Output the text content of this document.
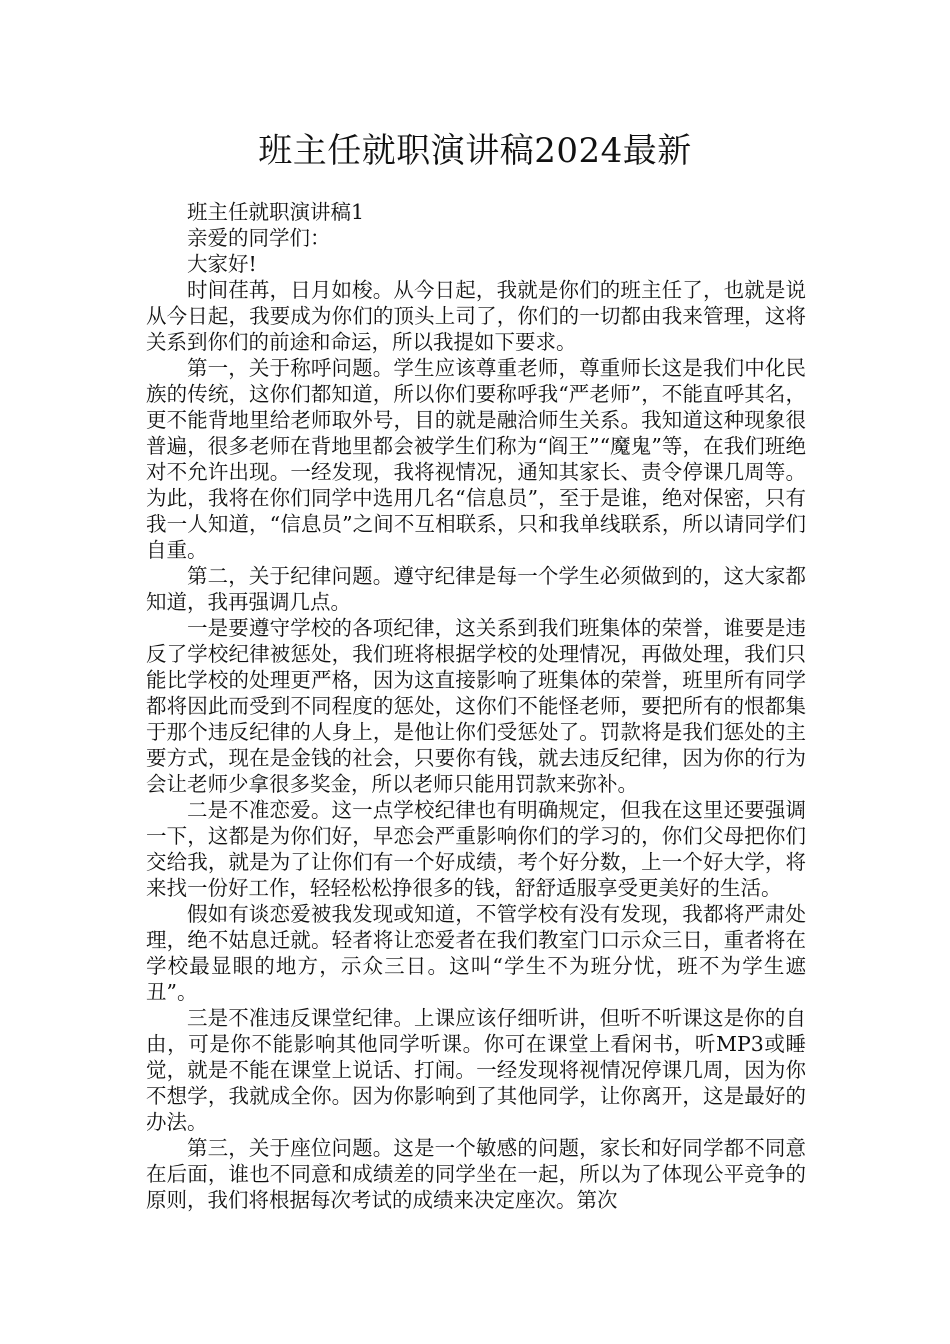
班主任就职演讲稿2024最新

班主任就职演讲稿1

亲爱的同学们：

大家好!

时间荏苒，日月如梭。从今日起，我就是你们的班主任了，也就是说从今日起，我要成为你们的顶头上司了，你们的一切都由我来管理，这将关系到你们的前途和命运，所以我提如下要求。

第一，关于称呼问题。学生应该尊重老师，尊重师长这是我们中化民族的传统，这你们都知道，所以你们要称呼我“严老师”，不能直呼其名，更不能背地里给老师取外号，目的就是融洽师生关系。我知道这种现象很普遍，很多老师在背地里都会被学生们称为“阎王”“魔鬼”等，在我们班绝对不允许出现。一经发现，我将视情况，通知其家长、责令停课几周等。为此，我将在你们同学中选用几名“信息员”，至于是谁，绝对保密，只有我一人知道，“信息员”之间不互相联系，只和我单线联系，所以请同学们自重。

第二，关于纪律问题。遵守纪律是每一个学生必须做到的，这大家都知道，我再强调几点。

一是要遵守学校的各项纪律，这关系到我们班集体的荣誉，谁要是违反了学校纪律被惩处，我们班将根据学校的处理情况，再做处理，我们只能比学校的处理更严格，因为这直接影响了班集体的荣誉，班里所有同学都将因此而受到不同程度的惩处，这你们不能怪老师，要把所有的恨都集于那个违反纪律的人身上，是他让你们受惩处了。罚款将是我们惩处的主要方式，现在是金钱的社会，只要你有钱，就去违反纪律，因为你的行为会让老师少拿很多奖金，所以老师只能用罚款来弥补。

二是不准恋爱。这一点学校纪律也有明确规定，但我在这里还要强调一下，这都是为你们好，早恋会严重影响你们的学习的，你们父母把你们交给我，就是为了让你们有一个好成绩，考个好分数，上一个好大学，将来找一份好工作，轻轻松松挣很多的钱，舒舒适服享受更美好的生活。

假如有谈恋爱被我发现或知道，不管学校有没有发现，我都将严肃处理，绝不姑息迁就。轻者将让恋爱者在我们教室门口示众三日，重者将在学校最显眼的地方，示众三日。这叫“学生不为班分忧，班不为学生遮丑”。

三是不准违反课堂纪律。上课应该仔细听讲，但听不听课这是你的自由，可是你不能影响其他同学听课。你可在课堂上看闲书，听MP3或睡觉，就是不能在课堂上说话、打闹。一经发现将视情况停课几周，因为你不想学，我就成全你。因为你影响到了其他同学，让你离开，这是最好的办法。

第三，关于座位问题。这是一个敏感的问题，家长和好同学都不同意在后面，谁也不同意和成绩差的同学坐在一起，所以为了体现公平竞争的原则，我们将根据每次考试的成绩来决定座次。第次
